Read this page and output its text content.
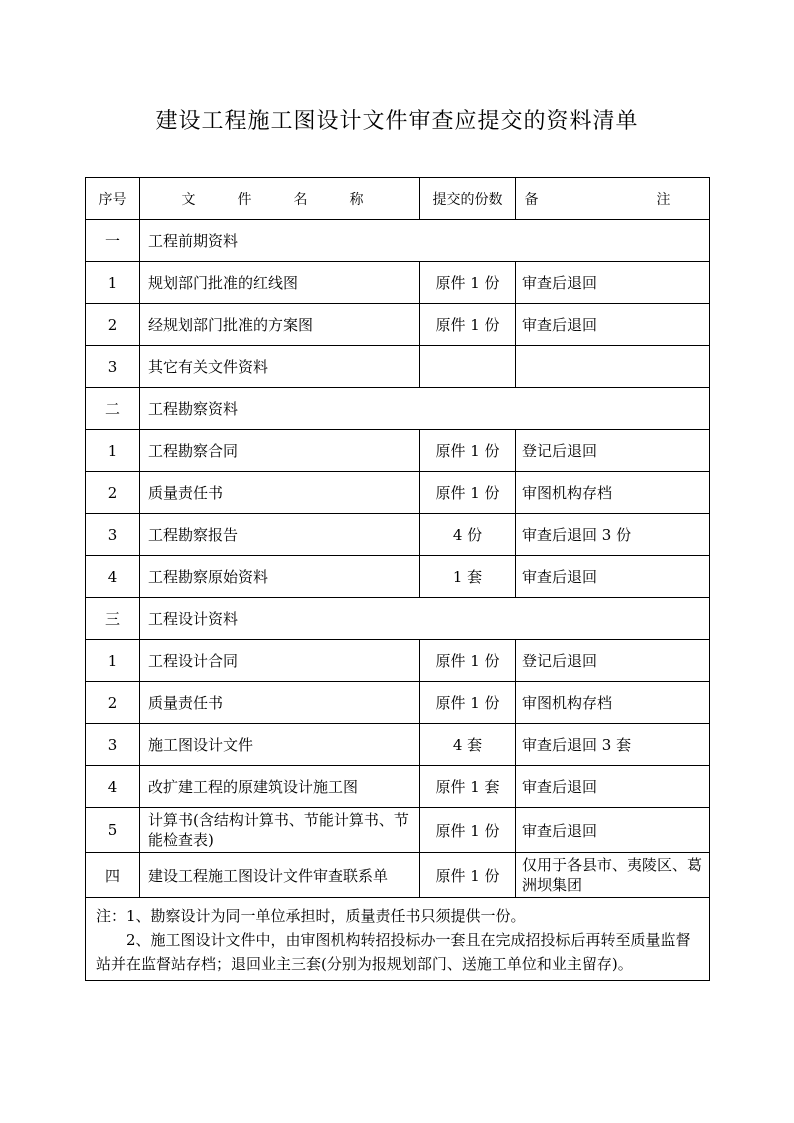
建设工程施工图设计文件审查应提交的资料清单
序号	文　件　名　称	提交的份数	备　　注
一	工程前期资料		
1	规划部门批准的红线图	原件 1 份	审查后退回
2	经规划部门批准的方案图	原件 1 份	审查后退回
3	其它有关文件资料		
二	工程勘察资料		
1	工程勘察合同	原件 1 份	登记后退回
2	质量责任书	原件 1 份	审图机构存档
3	工程勘察报告	4 份	审查后退回 3 份
4	工程勘察原始资料	1 套	审查后退回
三	工程设计资料		
1	工程设计合同	原件 1 份	登记后退回
2	质量责任书	原件 1 份	审图机构存档
3	施工图设计文件	4 套	审查后退回 3 套
4	改扩建工程的原建筑设计施工图	原件 1 套	审查后退回
5	计算书(含结构计算书、节能计算书、节能检查表)	原件 1 份	审查后退回
四	建设工程施工图设计文件审查联系单	原件 1 份	仅用于各县市、夷陵区、葛洲坝集团

注：1、勘察设计为同一单位承担时，质量责任书只须提供一份。
2、施工图设计文件中，由审图机构转招投标办一套且在完成招投标后再转至质量监督站并在监督站存档；退回业主三套(分别为报规划部门、送施工单位和业主留存)。			
